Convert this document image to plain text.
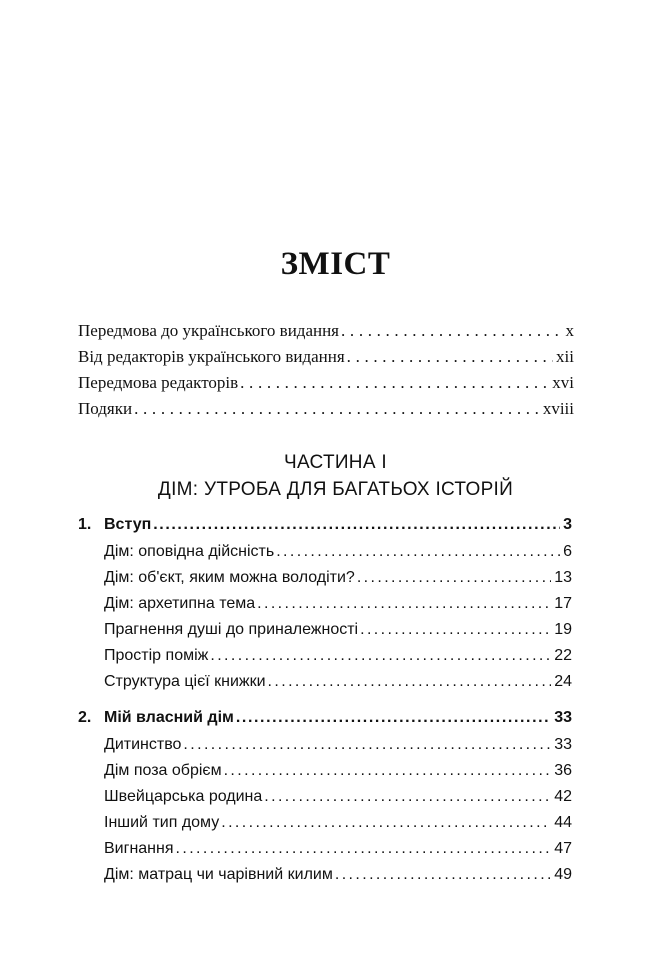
ЗМІСТ
Передмова до українського видання . . .	x
Від редакторів українського видання . . .	xii
Передмова редакторів . . .	xvi
Подяки . . .	xviii
ЧАСТИНА І
ДІМ: УТРОБА ДЛЯ БАГАТЬОХ ІСТОРІЙ
1. Вступ .....	3
Дім: оповідна дійсність .....	6
Дім: об'єкт, яким можна володіти? .....	13
Дім: архетипна тема .....	17
Прагнення душі до приналежності .....	19
Простір поміж .....	22
Структура цієї книжки .....	24
2. Мій власний дім .....	33
Дитинство .....	33
Дім поза обрієм .....	36
Швейцарська родина .....	42
Інший тип дому .....	44
Вигнання .....	47
Дім: матрац чи чарівний килим .....	49
